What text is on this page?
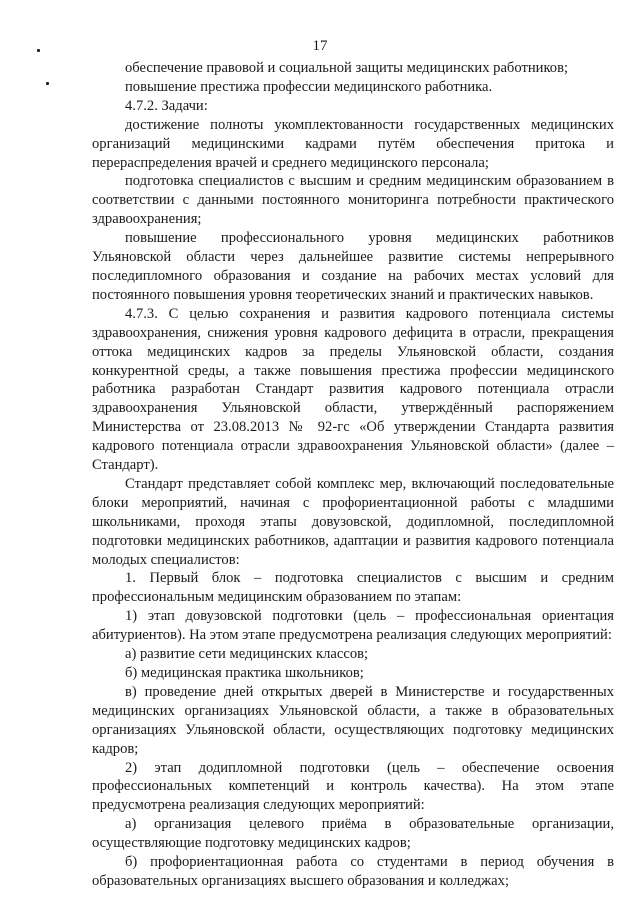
17

обеспечение правовой и социальной защиты медицинских работников;

повышение престижа профессии медицинского работника.

4.7.2. Задачи:

достижение полноты укомплектованности государственных медицинских организаций медицинскими кадрами путём обеспечения притока и перераспределения врачей и среднего медицинского персонала;

подготовка специалистов с высшим и средним медицинским образованием в соответствии с данными постоянного мониторинга потребности практического здравоохранения;

повышение профессионального уровня медицинских работников Ульяновской области через дальнейшее развитие системы непрерывного последипломного образования и создание на рабочих местах условий для постоянного повышения уровня теоретических знаний и практических навыков.

4.7.3. С целью сохранения и развития кадрового потенциала системы здравоохранения, снижения уровня кадрового дефицита в отрасли, прекращения оттока медицинских кадров за пределы Ульяновской области, создания конкурентной среды, а также повышения престижа профессии медицинского работника разработан Стандарт развития кадрового потенциала отрасли здравоохранения Ульяновской области, утверждённый распоряжением Министерства от 23.08.2013 № 92-гс «Об утверждении Стандарта развития кадрового потенциала отрасли здравоохранения Ульяновской области» (далее – Стандарт).

Стандарт представляет собой комплекс мер, включающий последовательные блоки мероприятий, начиная с профориентационной работы с младшими школьниками, проходя этапы довузовской, додипломной, последипломной подготовки медицинских работников, адаптации и развития кадрового потенциала молодых специалистов:

1. Первый блок – подготовка специалистов с высшим и средним профессиональным медицинским образованием по этапам:

1) этап довузовской подготовки (цель – профессиональная ориентация абитуриентов). На этом этапе предусмотрена реализация следующих мероприятий:

а) развитие сети медицинских классов;

б) медицинская практика школьников;

в) проведение дней открытых дверей в Министерстве и государственных медицинских организациях Ульяновской области, а также в образовательных организациях Ульяновской области, осуществляющих подготовку медицинских кадров;

2) этап додипломной подготовки (цель – обеспечение освоения профессиональных компетенций и контроль качества). На этом этапе предусмотрена реализация следующих мероприятий:

а) организация целевого приёма в образовательные организации, осуществляющие подготовку медицинских кадров;

б) профориентационная работа со студентами в период обучения в образовательных организациях высшего образования и колледжах;
